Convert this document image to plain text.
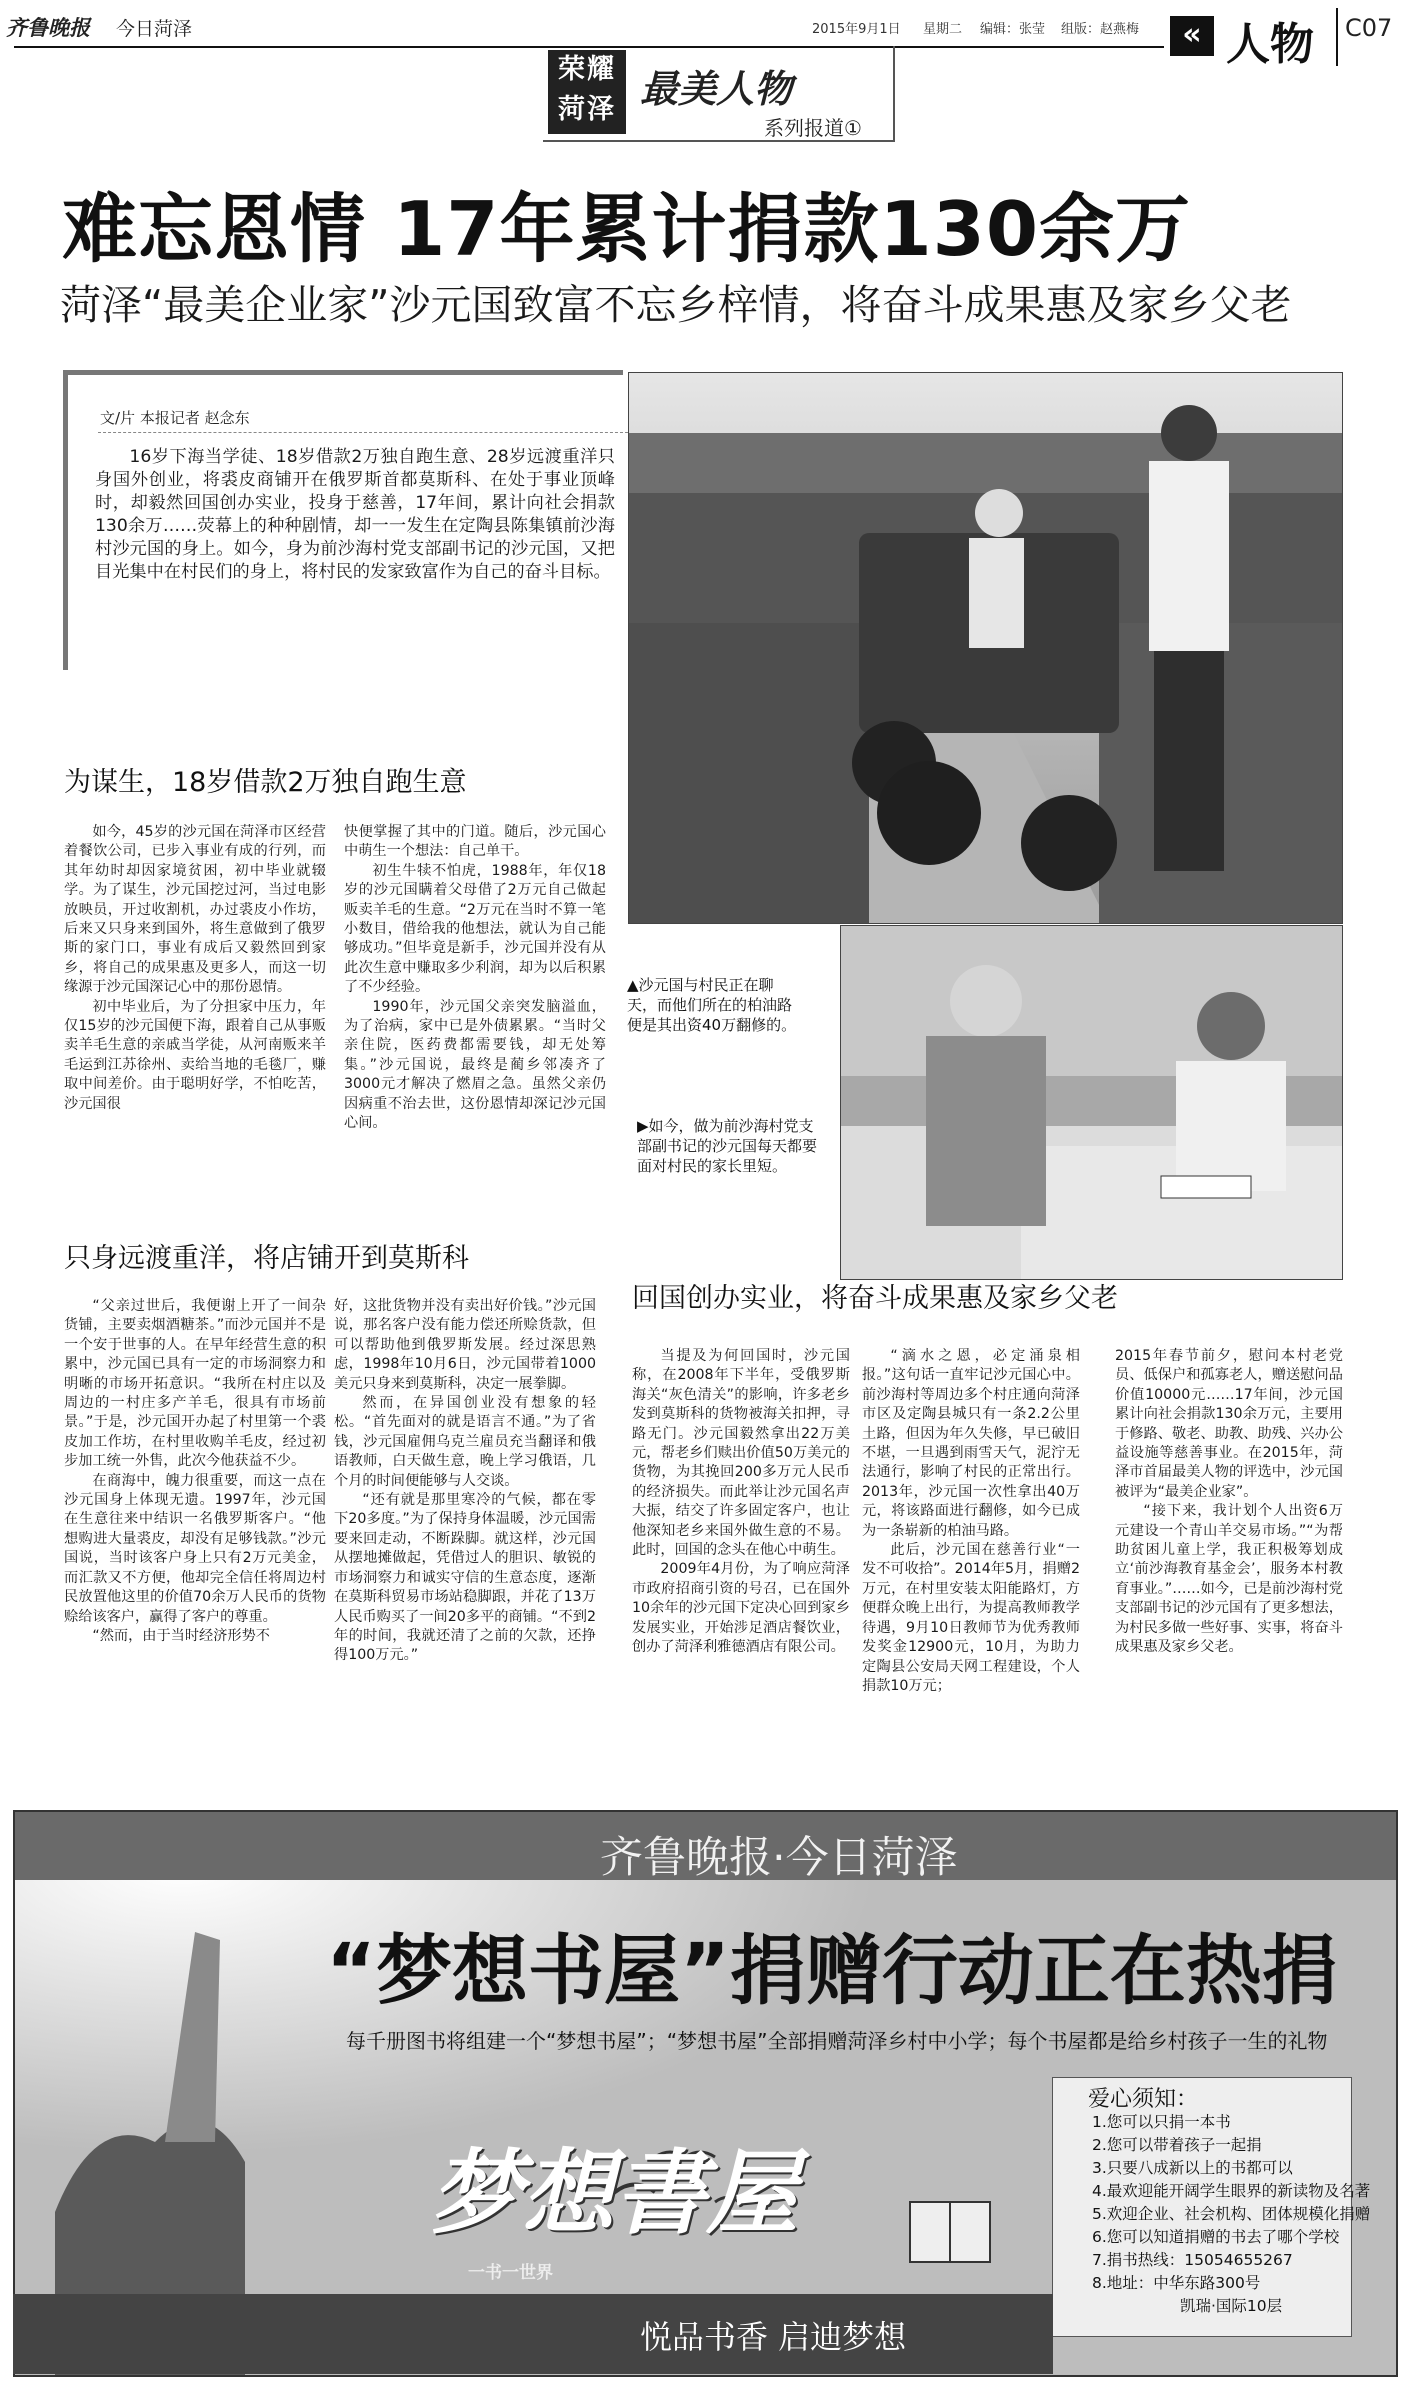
齐鲁晚报 今日菏泽	2015年9月1日 星期二 编辑：张莹 组版：赵燕梅	« 人物 C07
荣耀
菏泽 最美人物
系列报道①
难忘恩情 17年累计捐款130余万
菏泽“最美企业家”沙元国致富不忘乡梓情，将奋斗成果惠及家乡父老
文/片 本报记者 赵念东
16岁下海当学徒、18岁借款2万独自跑生意、28岁远渡重洋只身国外创业，将裘皮商铺开在俄罗斯首都莫斯科、在处于事业顶峰时，却毅然回国创办实业，投身于慈善，17年间，累计向社会捐款130余万……荧幕上的种种剧情，却一一发生在定陶县陈集镇前沙海村沙元国的身上。如今，身为前沙海村党支部副书记的沙元国，又把目光集中在村民们的身上，将村民的发家致富作为自己的奋斗目标。
▲沙元国与村民正在聊天，而他们所在的柏油路便是其出资40万翻修的。
▶如今，做为前沙海村党支部副书记的沙元国每天都要面对村民的家长里短。
为谋生，18岁借款2万独自跑生意

如今，45岁的沙元国在菏泽市区经营着餐饮公司，已步入事业有成的行列，而其年幼时却因家境贫困，初中毕业就辍学。为了谋生，沙元国挖过河，当过电影放映员，开过收割机，办过裘皮小作坊，后来又只身来到国外，将生意做到了俄罗斯的家门口，事业有成后又毅然回到家乡，将自己的成果惠及更多人，而这一切缘源于沙元国深记心中的那份恩情。

初中毕业后，为了分担家中压力，年仅15岁的沙元国便下海，跟着自己从事贩卖羊毛生意的亲戚当学徒，从河南贩来羊毛运到江苏徐州、卖给当地的毛毯厂，赚取中间差价。由于聪明好学，不怕吃苦，沙元国很

快便掌握了其中的门道。随后，沙元国心中萌生一个想法：自己单干。

初生牛犊不怕虎，1988年，年仅18岁的沙元国瞒着父母借了2万元自己做起贩卖羊毛的生意。“2万元在当时不算一笔小数目，借给我的他想法，就认为自己能够成功。”但毕竟是新手，沙元国并没有从此次生意中赚取多少利润，却为以后积累了不少经验。

1990年，沙元国父亲突发脑溢血，为了治病，家中已是外债累累。“当时父亲住院，医药费都需要钱，却无处筹集。”沙元国说，最终是蔺乡邻凑齐了3000元才解决了燃眉之急。虽然父亲仍因病重不治去世，这份恩情却深记沙元国心间。

只身远渡重洋，将店铺开到莫斯科

“父亲过世后，我便谢上开了一间杂货铺，主要卖烟酒糖茶。”而沙元国并不是一个安于世事的人。在早年经营生意的积累中，沙元国已具有一定的市场洞察力和明晰的市场开拓意识。“我所在村庄以及周边的一村庄多产羊毛，很具有市场前景。”于是，沙元国开办起了村里第一个裘皮加工作坊，在村里收购羊毛皮，经过初步加工统一外售，此次今他获益不少。

在商海中，魄力很重要，而这一点在沙元国身上体现无遗。1997年，沙元国在生意往来中结识一名俄罗斯客户。“他想购进大量裘皮，却没有足够钱款。”沙元国说，当时该客户身上只有2万元美金，而汇款又不方便，他却完全信任将周边村民放置他这里的价值70余万人民币的货物赊给该客户，赢得了客户的尊重。

“然而，由于当时经济形势不

好，这批货物并没有卖出好价钱。”沙元国说，那名客户没有能力偿还所赊货款，但可以帮助他到俄罗斯发展。经过深思熟虑，1998年10月6日，沙元国带着1000美元只身来到莫斯科，决定一展拳脚。

然而，在异国创业没有想象的轻松。“首先面对的就是语言不通。”为了省钱，沙元国雇佣乌克兰雇员充当翻译和俄语教师，白天做生意，晚上学习俄语，几个月的时间便能够与人交谈。

“还有就是那里寒冷的气候，都在零下20多度。”为了保持身体温暖，沙元国需要来回走动，不断跺脚。就这样，沙元国从摆地摊做起，凭借过人的胆识、敏锐的市场洞察力和诚实守信的生意态度，逐渐在莫斯科贸易市场站稳脚跟，并花了13万人民币购买了一间20多平的商铺。“不到2年的时间，我就还清了之前的欠款，还挣得100万元。”

回国创办实业，将奋斗成果惠及家乡父老

当提及为何回国时，沙元国称，在2008年下半年，受俄罗斯海关“灰色清关”的影响，许多老乡发到莫斯科的货物被海关扣押，寻路无门。沙元国毅然拿出22万美元，帮老乡们赎出价值50万美元的货物，为其挽回200多万元人民币的经济损失。而此举让沙元国名声大振，结交了许多固定客户，也让他深知老乡来国外做生意的不易。此时，回国的念头在他心中萌生。

2009年4月份，为了响应菏泽市政府招商引资的号召，已在国外10余年的沙元国下定决心回到家乡发展实业，开始涉足酒店餐饮业，创办了菏泽利雅德酒店有限公司。

“滴水之恩，必定涌泉相报。”这句话一直牢记沙元国心中。前沙海村等周边多个村庄通向菏泽市区及定陶县城只有一条2.2公里土路，但因为年久失修，早已破旧不堪，一旦遇到雨雪天气，泥泞无法通行，影响了村民的正常出行。2013年，沙元国一次性拿出40万元，将该路面进行翻修，如今已成为一条崭新的柏油马路。

此后，沙元国在慈善行业“一发不可收拾”。2014年5月，捐赠2万元，在村里安装太阳能路灯，方便群众晚上出行，为提高教师教学待遇，9月10日教师节为优秀教师发奖金12900元，10月，为助力定陶县公安局天网工程建设，个人捐款10万元；

2015年春节前夕，慰问本村老党员、低保户和孤寡老人，赠送慰问品价值10000元……17年间，沙元国累计向社会捐款130余万元，主要用于修路、敬老、助教、助残、兴办公益设施等慈善事业。在2015年，菏泽市首届最美人物的评选中，沙元国被评为“最美企业家”。

“接下来，我计划个人出资6万元建设一个青山羊交易市场。”“为帮助贫困儿童上学，我正积极筹划成立‘前沙海教育基金会’，服务本村教育事业。”……如今，已是前沙海村党支部副书记的沙元国有了更多想法，为村民多做一些好事、实事，将奋斗成果惠及家乡父老。

齐鲁晚报·今日菏泽
“梦想书屋”捐赠行动正在热捐
每千册图书将组建一个“梦想书屋”；“梦想书屋”全部捐赠菏泽乡村中小学；每个书屋都是给乡村孩子一生的礼物
梦想書屋
一书一世界
爱心须知：
1.您可以只捐一本书
2.您可以带着孩子一起捐
3.只要八成新以上的书都可以
4.最欢迎能开阔学生眼界的新读物及名著
5.欢迎企业、社会机构、团体规模化捐赠
6.您可以知道捐赠的书去了哪个学校
7.捐书热线：15054655267
8.地址：中华东路300号
凯瑞·国际10层
悦品书香 启迪梦想
